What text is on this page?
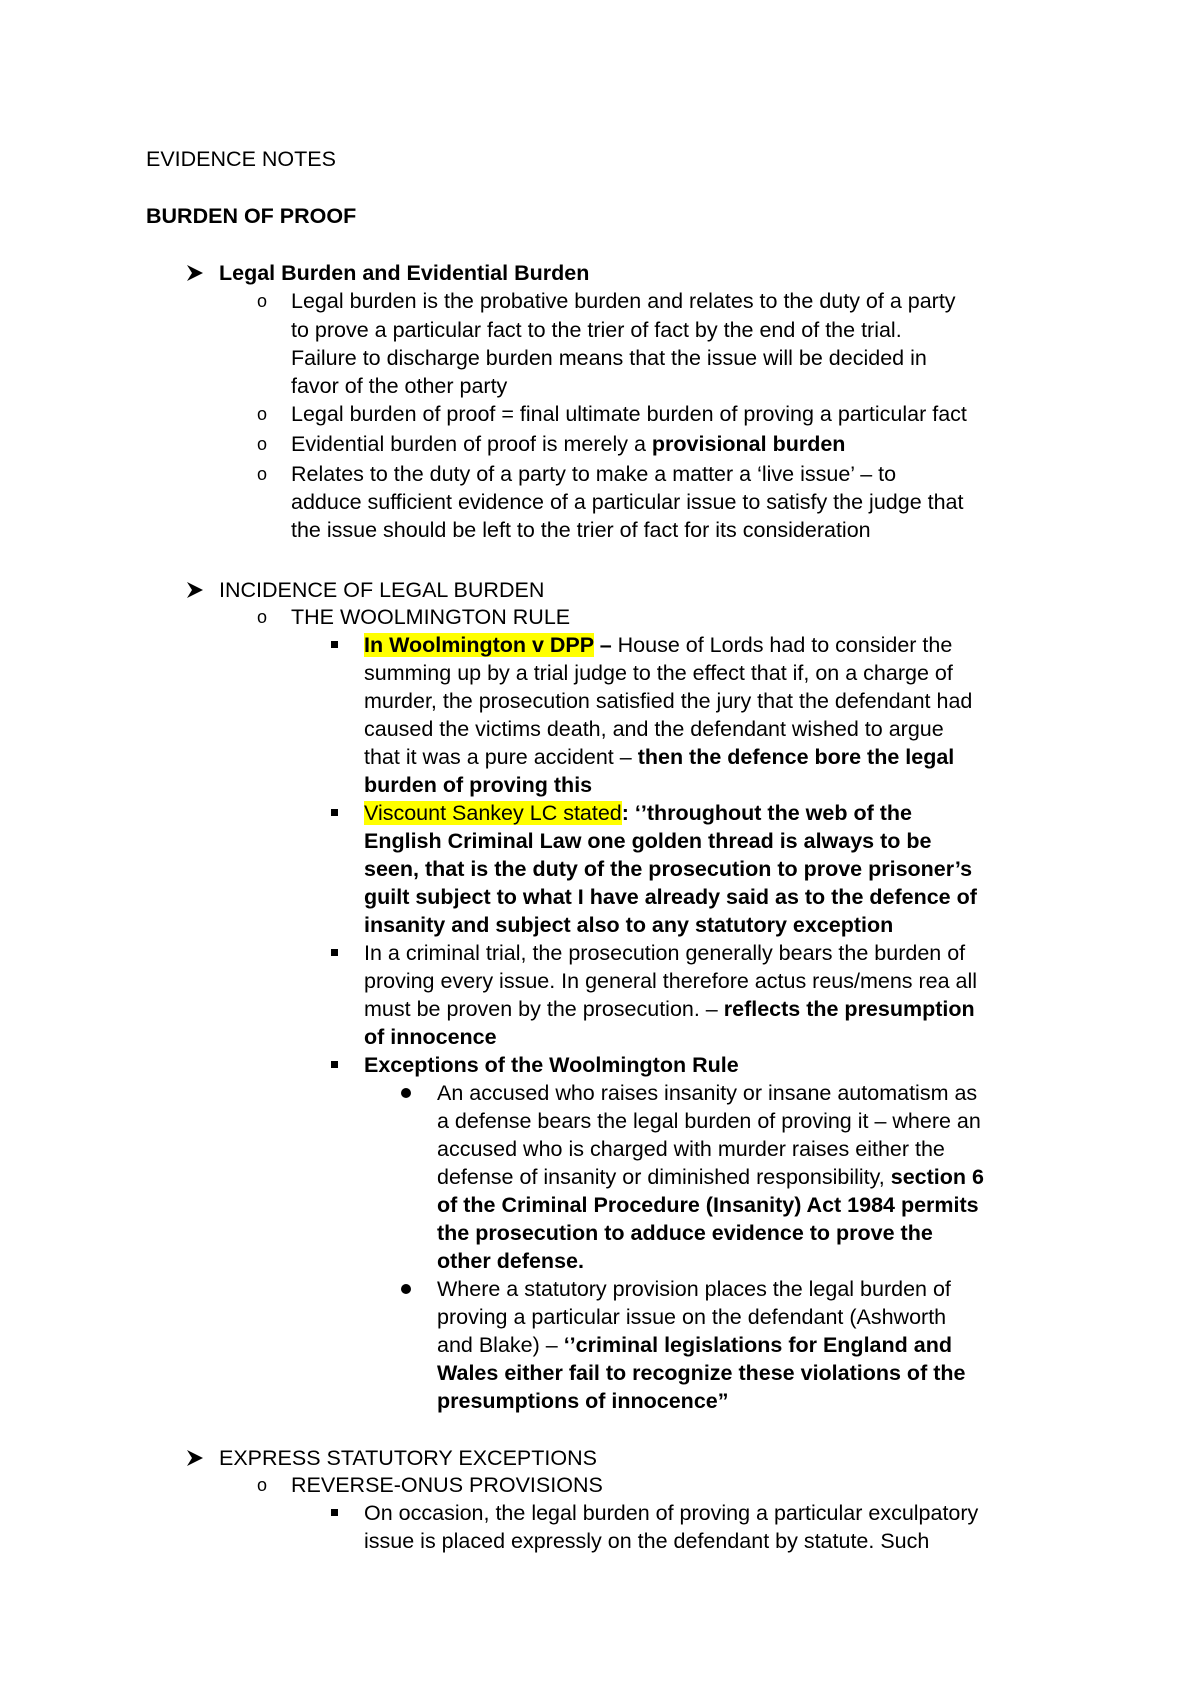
EVIDENCE NOTES
BURDEN OF PROOF
Legal Burden and Evidential Burden
o Legal burden is the probative burden and relates to the duty of a party
to prove a particular fact to the trier of fact by the end of the trial.
Failure to discharge burden means that the issue will be decided in
favor of the other party
o Legal burden of proof = final ultimate burden of proving a particular fact
o Evidential burden of proof is merely a provisional burden
o Relates to the duty of a party to make a matter a ‘live issue’ – to
adduce sufficient evidence of a particular issue to satisfy the judge that
the issue should be left to the trier of fact for its consideration
INCIDENCE OF LEGAL BURDEN
o THE WOOLMINGTON RULE
In Woolmington v DPP – House of Lords had to consider the
summing up by a trial judge to the effect that if, on a charge of
murder, the prosecution satisfied the jury that the defendant had
caused the victims death, and the defendant wished to argue
that it was a pure accident – then the defence bore the legal
burden of proving this
Viscount Sankey LC stated: ‘’throughout the web of the
English Criminal Law one golden thread is always to be
seen, that is the duty of the prosecution to prove prisoner’s
guilt subject to what I have already said as to the defence of
insanity and subject also to any statutory exception
In a criminal trial, the prosecution generally bears the burden of
proving every issue. In general therefore actus reus/mens rea all
must be proven by the prosecution. – reflects the presumption
of innocence
Exceptions of the Woolmington Rule
An accused who raises insanity or insane automatism as
a defense bears the legal burden of proving it – where an
accused who is charged with murder raises either the
defense of insanity or diminished responsibility, section 6
of the Criminal Procedure (Insanity) Act 1984 permits
the prosecution to adduce evidence to prove the
other defense.
Where a statutory provision places the legal burden of
proving a particular issue on the defendant (Ashworth
and Blake) – ‘’criminal legislations for England and
Wales either fail to recognize these violations of the
presumptions of innocence”
EXPRESS STATUTORY EXCEPTIONS
o REVERSE-ONUS PROVISIONS
On occasion, the legal burden of proving a particular exculpatory
issue is placed expressly on the defendant by statute. Such
